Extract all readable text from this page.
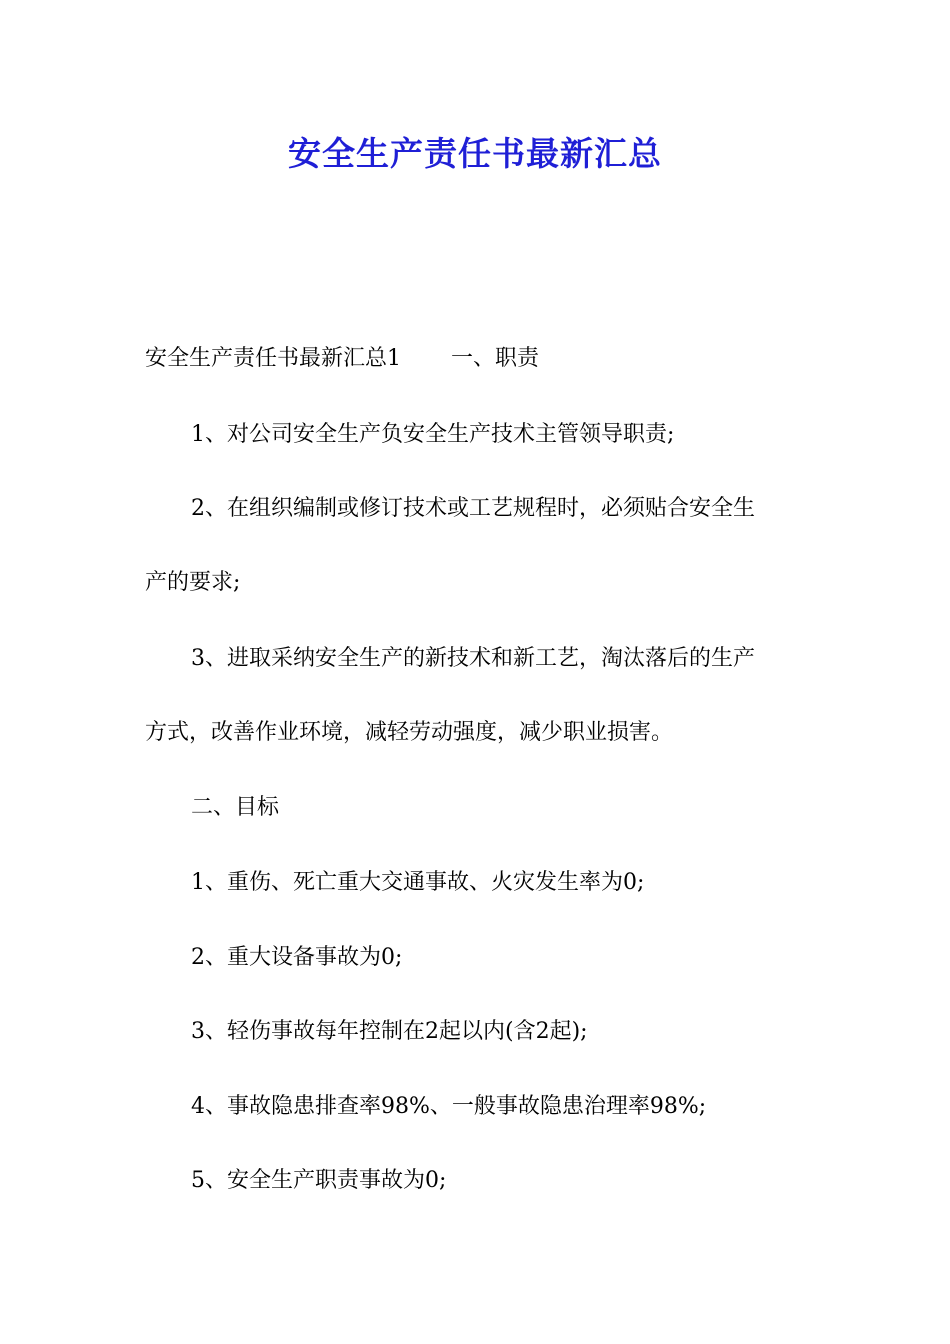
安全生产责任书最新汇总
安全生产责任书最新汇总1 一、职责
1、对公司安全生产负安全生产技术主管领导职责;
2、在组织编制或修订技术或工艺规程时，必须贴合安全生
产的要求;
3、进取采纳安全生产的新技术和新工艺，淘汰落后的生产
方式，改善作业环境，减轻劳动强度，减少职业损害。
二、目标
1、重伤、死亡重大交通事故、火灾发生率为0;
2、重大设备事故为0;
3、轻伤事故每年控制在2起以内(含2起);
4、事故隐患排查率98%、一般事故隐患治理率98%;
5、安全生产职责事故为0;
